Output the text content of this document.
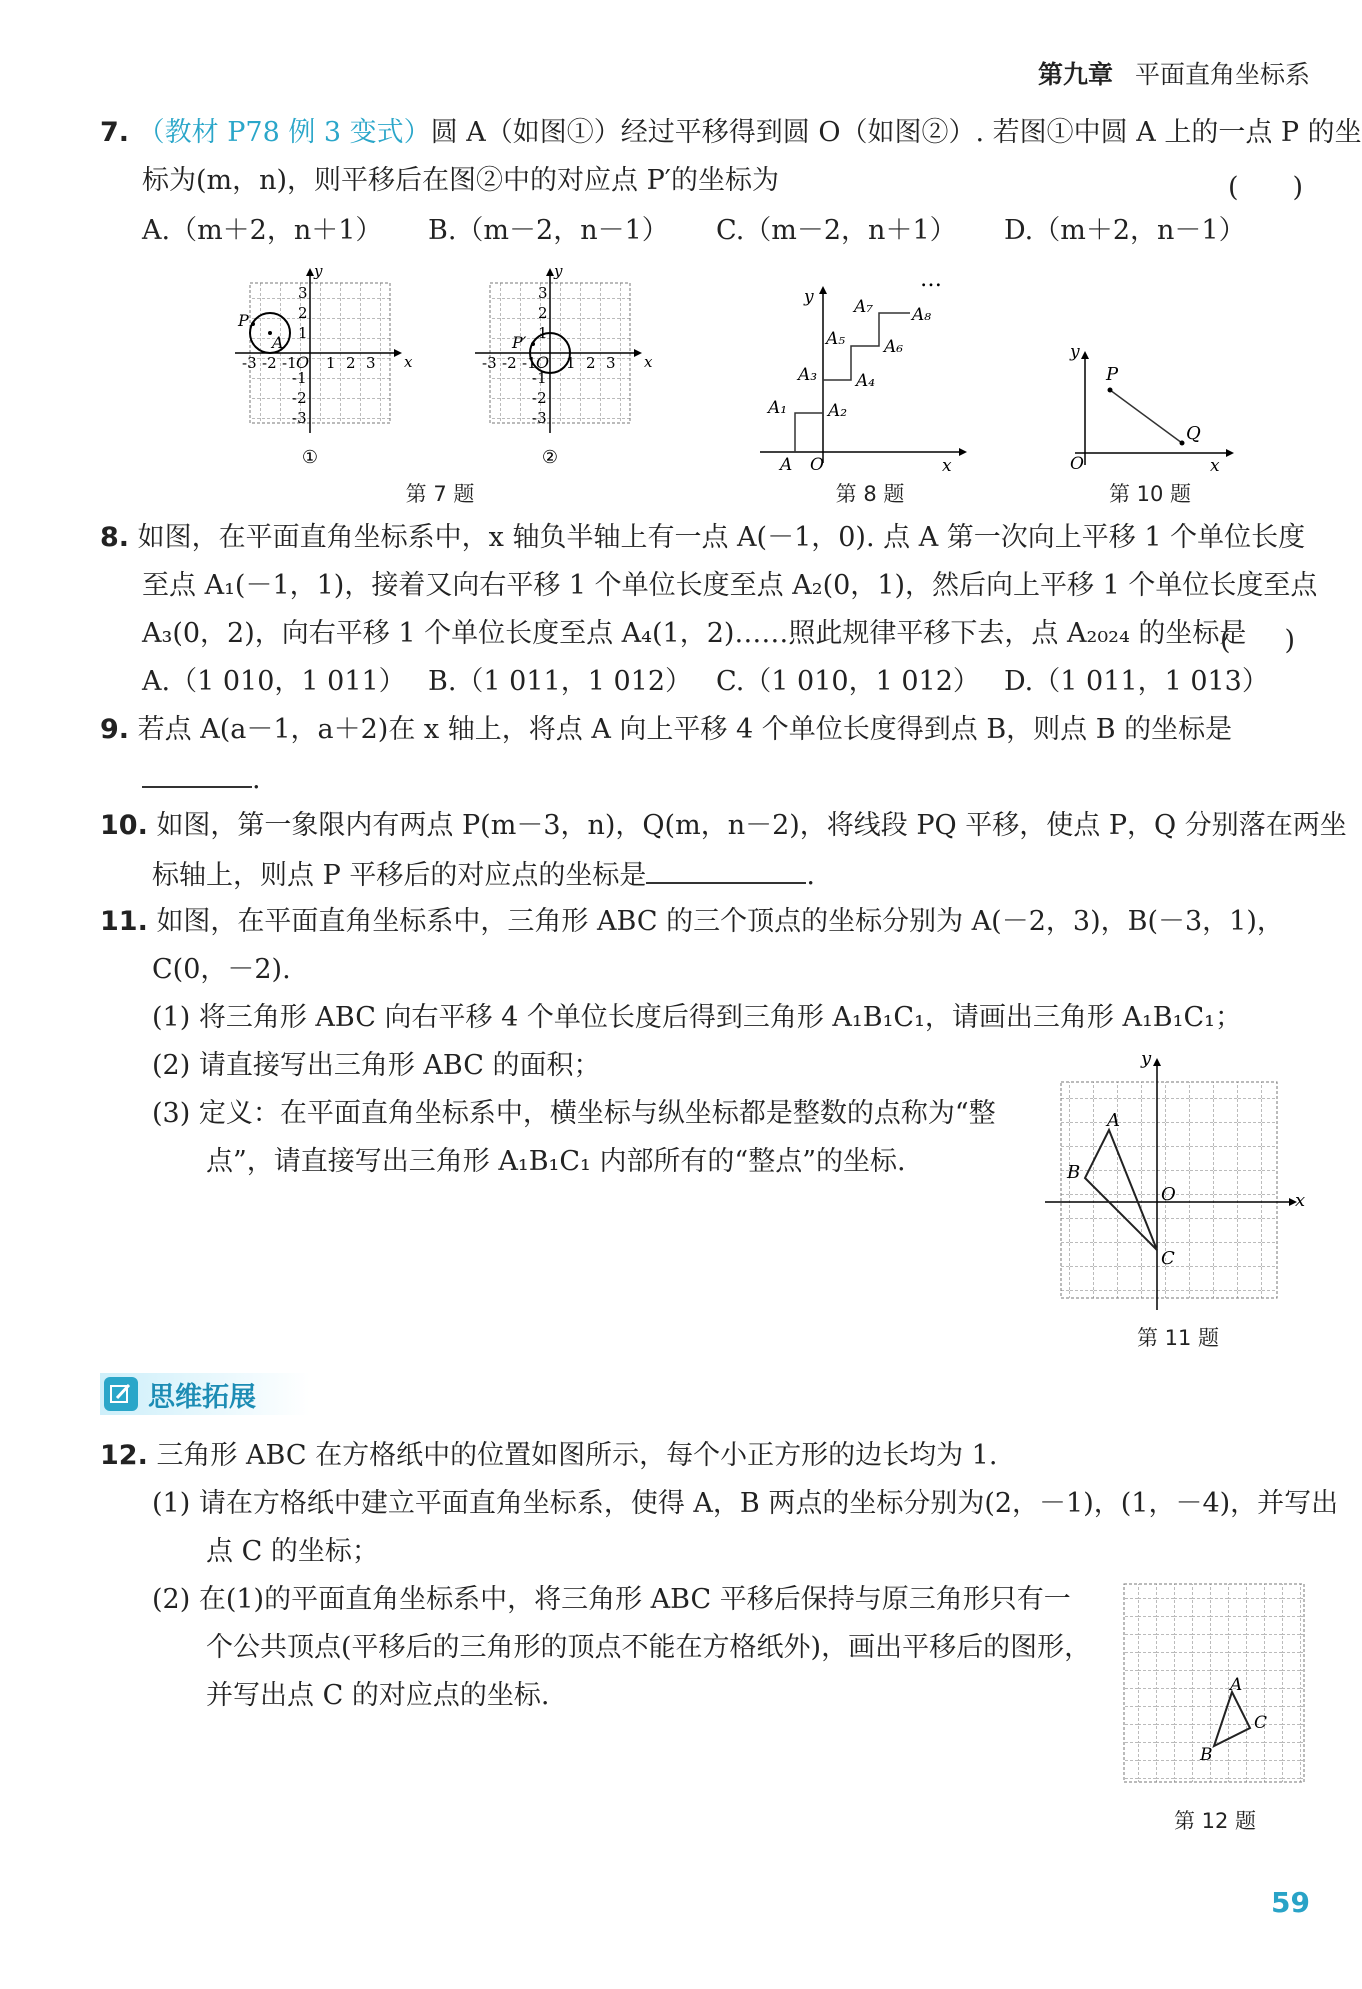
第九章 平面直角坐标系
7. （教材 P78 例 3 变式）圆 A（如图①）经过平移得到圆 O（如图②）. 若图①中圆 A 上的一点 P 的坐
标为(m，n)，则平移后在图②中的对应点 P′的坐标为	(　　)
A.（m＋2，n＋1） B.（m－2，n－1） C.（m－2，n＋1） D.（m＋2，n－1）
x
y
O
P
A
-3 -2 -1 1 2 3
3
2
1
-1
-2
-3
①
x
y
O
P′
-3 -2 -1 1 2 3
3
2
1
-1
-2
-3
②
第 7 题
x
y
O
A
A₁ A₂
A₃ A₄
A₅ A₆
A₇ A₈
…
第 8 题
y
x
O
P
Q
第 10 题
8. 如图，在平面直角坐标系中，x 轴负半轴上有一点 A(－1，0). 点 A 第一次向上平移 1 个单位长度
至点 A₁(－1，1)，接着又向右平移 1 个单位长度至点 A₂(0，1)，然后向上平移 1 个单位长度至点
A₃(0，2)，向右平移 1 个单位长度至点 A₄(1，2)……照此规律平移下去，点 A₂₀₂₄ 的坐标是
(　　)
A.（1 010，1 011） B.（1 011，1 012） C.（1 010，1 012） D.（1 011，1 013）
9. 若点 A(a－1，a＋2)在 x 轴上，将点 A 向上平移 4 个单位长度得到点 B，则点 B 的坐标是
.
10. 如图，第一象限内有两点 P(m－3，n)，Q(m，n－2)，将线段 PQ 平移，使点 P，Q 分别落在两坐
标轴上，则点 P 平移后的对应点的坐标是	.
11. 如图，在平面直角坐标系中，三角形 ABC 的三个顶点的坐标分别为 A(－2，3)，B(－3，1)，
C(0，－2).
(1) 将三角形 ABC 向右平移 4 个单位长度后得到三角形 A₁B₁C₁，请画出三角形 A₁B₁C₁；
(2) 请直接写出三角形 ABC 的面积；
(3) 定义：在平面直角坐标系中，横坐标与纵坐标都是整数的点称为“整
点”，请直接写出三角形 A₁B₁C₁ 内部所有的“整点”的坐标.
y
x
O
A
B
C
第 11 题
思维拓展
12. 三角形 ABC 在方格纸中的位置如图所示，每个小正方形的边长均为 1.
(1) 请在方格纸中建立平面直角坐标系，使得 A，B 两点的坐标分别为(2，－1)，(1，－4)，并写出
点 C 的坐标；
(2) 在(1)的平面直角坐标系中，将三角形 ABC 平移后保持与原三角形只有一
个公共顶点(平移后的三角形的顶点不能在方格纸外)，画出平移后的图形，
并写出点 C 的对应点的坐标.	A
B
C
第 12 题
59
